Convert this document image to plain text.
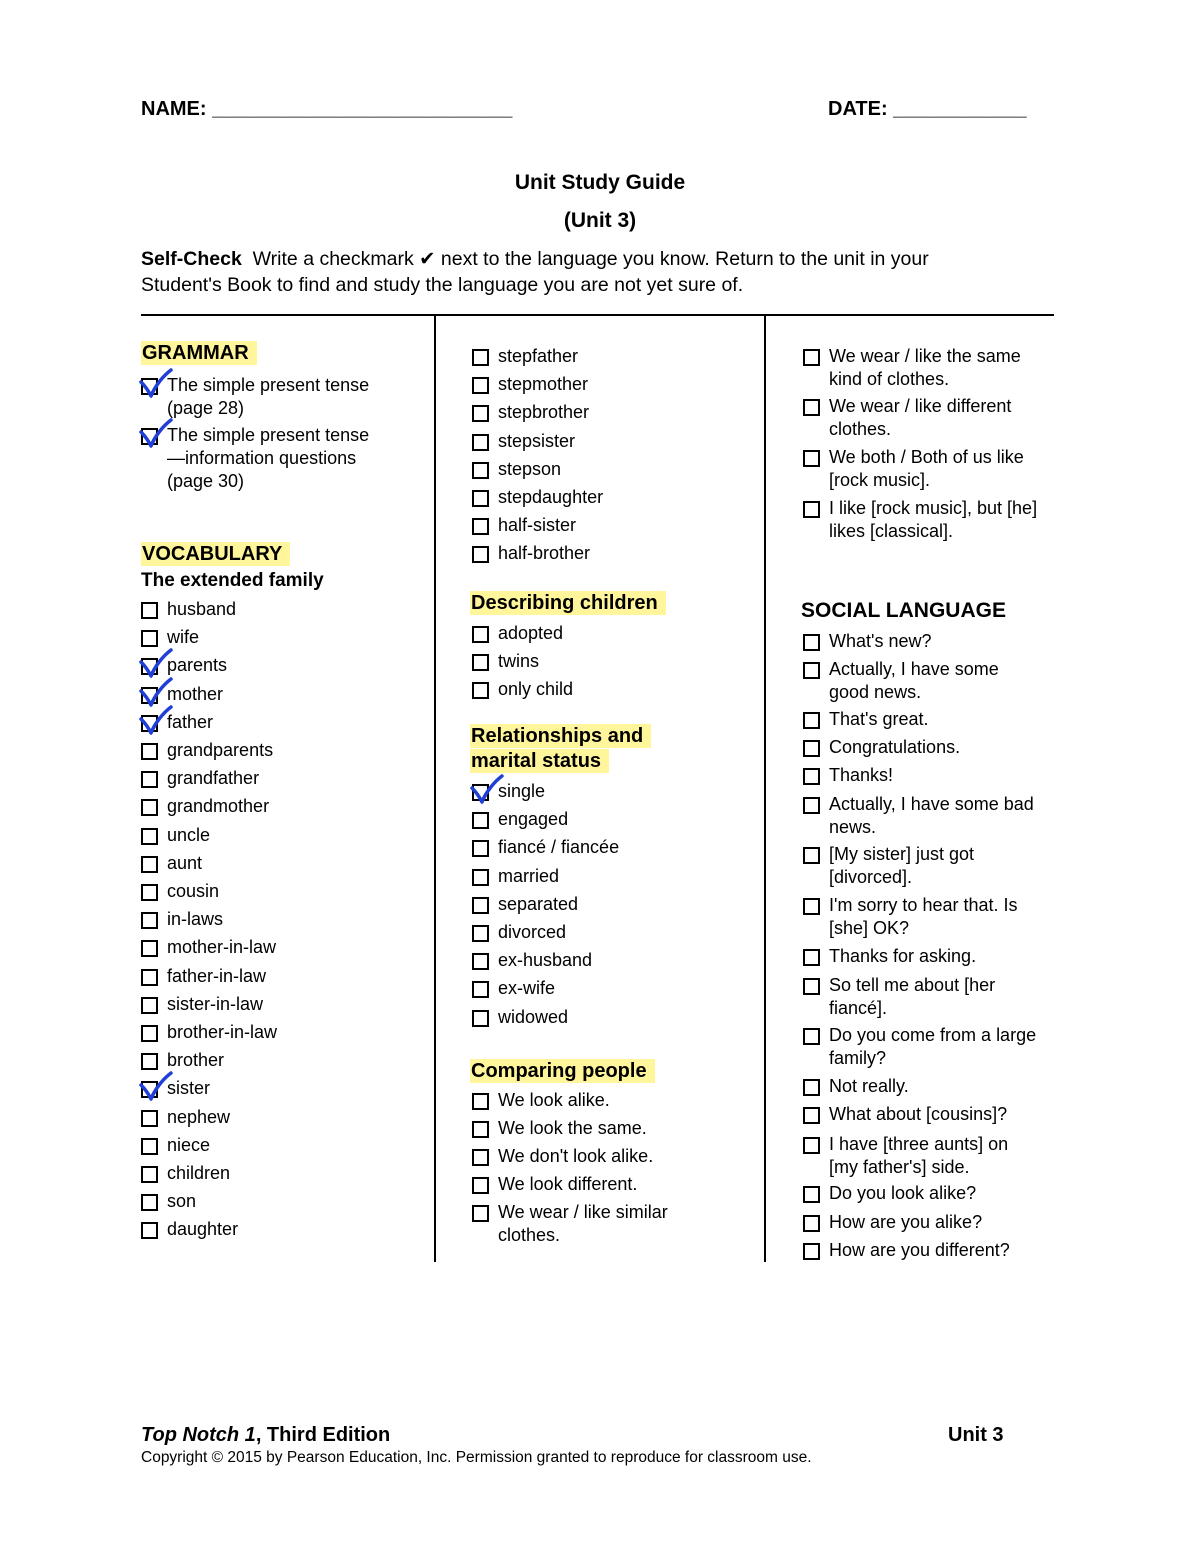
NAME: ___________________________	DATE: ____________
Unit Study Guide
(Unit 3)
Self-Check  Write a checkmark ✔ next to the language you know. Return to the unit in your
Student's Book to find and study the language you are not yet sure of.
GRAMMAR
The simple present tense (page 28)
The simple present tense—information questions (page 30)
VOCABULARY
The extended family
husband
wife
parents
mother
father
grandparents
grandfather
grandmother
uncle
aunt
cousin
in-laws
mother-in-law
father-in-law
sister-in-law
brother-in-law
brother
sister
nephew
niece
children
son
daughter
stepfather
stepmother
stepbrother
stepsister
stepson
stepdaughter
half-sister
half-brother
Describing children
adopted
twins
only child
Relationships and
marital status
single
engaged
fiancé / fiancée
married
separated
divorced
ex-husband
ex-wife
widowed
Comparing people
We look alike.
We look the same.
We don't look alike.
We look different.
We wear / like similar clothes.
We wear / like the same kind of clothes.
We wear / like different clothes.
We both / Both of us like [rock music].
I like [rock music], but [he] likes [classical].
SOCIAL LANGUAGE
What's new?
Actually, I have some good news.
That's great.
Congratulations.
Thanks!
Actually, I have some bad news.
[My sister] just got [divorced].
I'm sorry to hear that. Is [she] OK?
Thanks for asking.
So tell me about [her fiancé].
Do you come from a large family?
Not really.
What about [cousins]?
I have [three aunts] on [my father's] side.
Do you look alike?
How are you alike?
How are you different?
Top Notch 1, Third Edition	Unit 3
Copyright © 2015 by Pearson Education, Inc. Permission granted to reproduce for classroom use.
